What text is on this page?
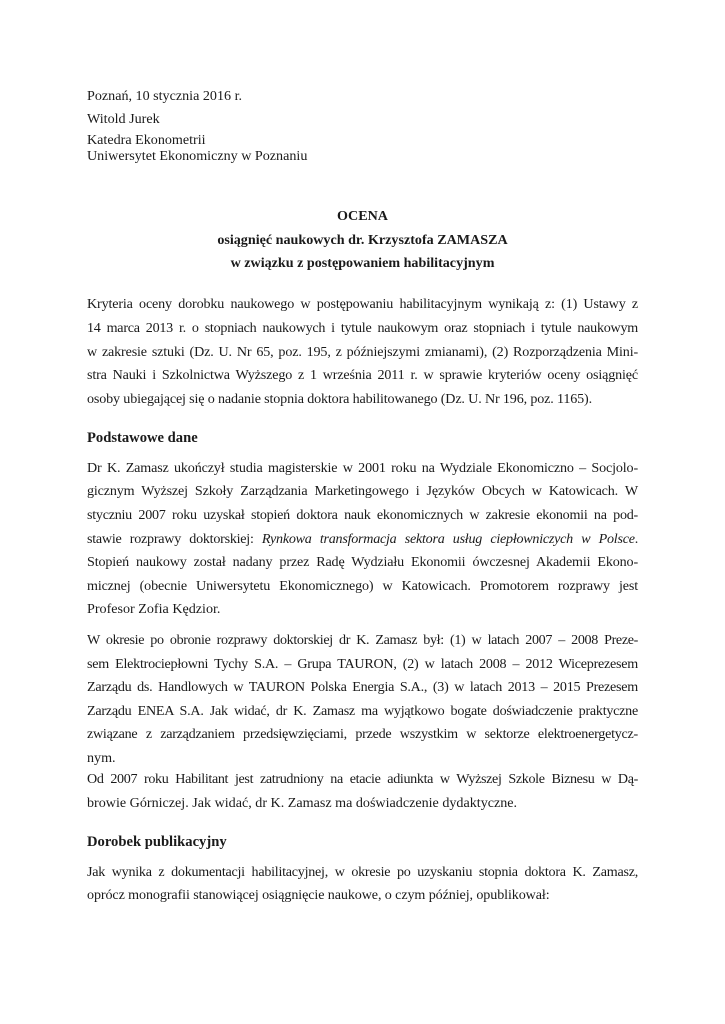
Poznań, 10 stycznia 2016 r.
Witold Jurek
Katedra Ekonometrii
Uniwersytet Ekonomiczny w Poznaniu
OCENA
osiągnięć naukowych dr. Krzysztofa ZAMASZA
w związku z postępowaniem habilitacyjnym
Kryteria oceny dorobku naukowego w postępowaniu habilitacyjnym wynikają z: (1) Ustawy z
14 marca 2013 r. o stopniach naukowych i tytule naukowym oraz stopniach i tytule naukowym
w zakresie sztuki (Dz. U. Nr 65, poz. 195, z późniejszymi zmianami), (2) Rozporządzenia Mini-
stra Nauki i Szkolnictwa Wyższego z 1 września 2011 r. w sprawie kryteriów oceny osiągnięć
osoby ubiegającej się o nadanie stopnia doktora habilitowanego (Dz. U. Nr 196, poz. 1165).
Podstawowe dane
Dr K. Zamasz ukończył studia magisterskie w 2001 roku na Wydziale Ekonomiczno – Socjolo-
gicznym Wyższej Szkoły Zarządzania Marketingowego i Języków Obcych w Katowicach. W
styczniu 2007 roku uzyskał stopień doktora nauk ekonomicznych w zakresie ekonomii na pod-
stawie rozprawy doktorskiej: Rynkowa transformacja sektora usług ciepłowniczych w Polsce.
Stopień naukowy został nadany przez Radę Wydziału Ekonomii ówczesnej Akademii Ekono-
micznej (obecnie Uniwersytetu Ekonomicznego) w Katowicach. Promotorem rozprawy jest
Profesor Zofia Kędzior.
W okresie po obronie rozprawy doktorskiej dr K. Zamasz był: (1) w latach 2007 – 2008 Preze-
sem Elektrociepłowni Tychy S.A. – Grupa TAURON, (2) w latach 2008 – 2012 Wiceprezesem
Zarządu ds. Handlowych w TAURON Polska Energia S.A., (3) w latach 2013 – 2015 Prezesem
Zarządu ENEA S.A. Jak widać, dr K. Zamasz ma wyjątkowo bogate doświadczenie praktyczne
związane z zarządzaniem przedsięwzięciami, przede wszystkim w sektorze elektroenergetycz-
nym.
Od 2007 roku Habilitant jest zatrudniony na etacie adiunkta w Wyższej Szkole Biznesu w Dą-
browie Górniczej. Jak widać, dr K. Zamasz ma doświadczenie dydaktyczne.
Dorobek publikacyjny
Jak wynika z dokumentacji habilitacyjnej, w okresie po uzyskaniu stopnia doktora K. Zamasz,
oprócz monografii stanowiącej osiągnięcie naukowe, o czym później, opublikował:
